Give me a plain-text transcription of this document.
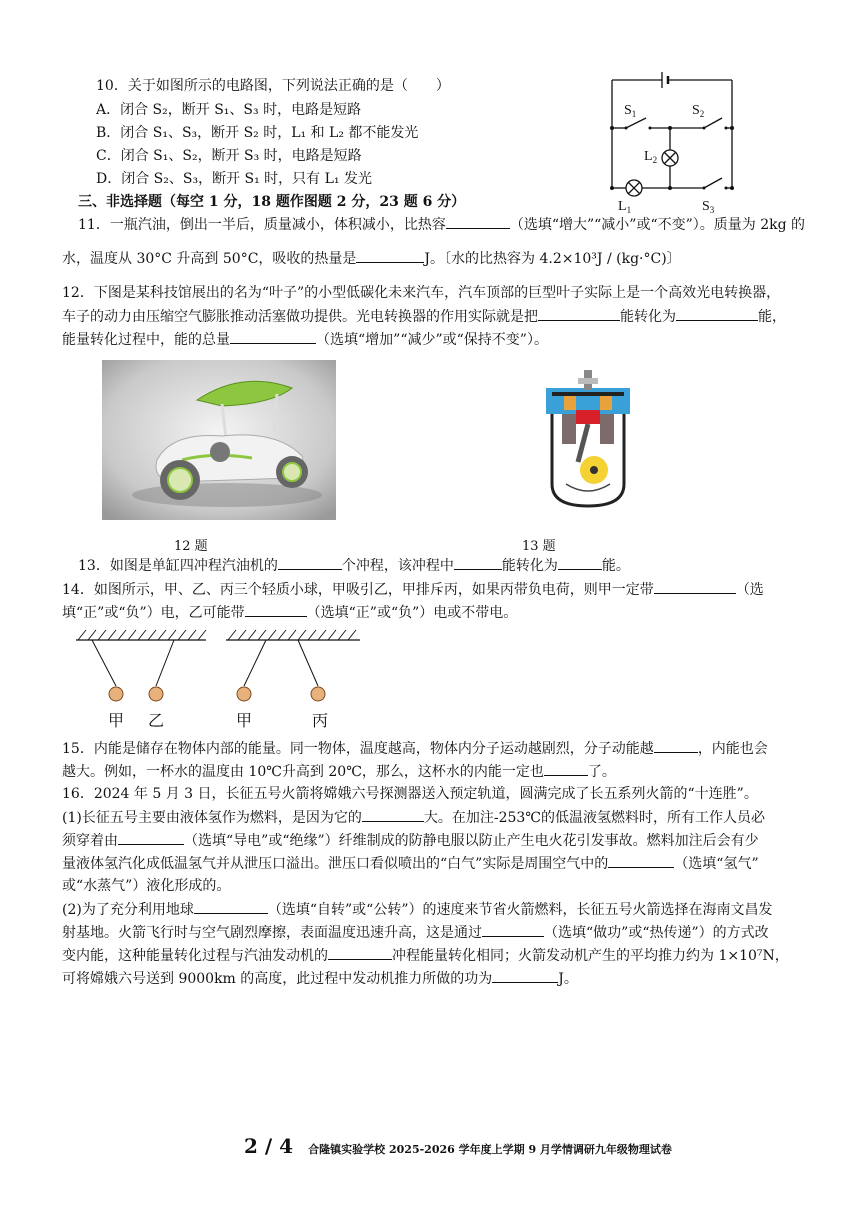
10．关于如图所示的电路图，下列说法正确的是（　　）
A．闭合 S₂，断开 S₁、S₃ 时，电路是短路
B．闭合 S₁、S₃，断开 S₂ 时，L₁ 和 L₂ 都不能发光
C．闭合 S₁、S₂，断开 S₃ 时，电路是短路
D．闭合 S₂、S₃，断开 S₁ 时，只有 L₁ 发光
$S_1$	$S_2$
$L_2$
$L_1$	$S_3$
三、非选择题（每空 1 分，18 题作图题 2 分，23 题 6 分）
11．一瓶汽油，倒出一半后，质量减小，体积减小，比热容	（选填“增大”“减小”或“不变”）。质量为 2kg 的
水，温度从 30°C 升高到 50°C，吸收的热量是	J。〔水的比热容为 4.2×10³J / (kg·°C)〕
12．下图是某科技馆展出的名为“叶子”的小型低碳化未来汽车，汽车顶部的巨型叶子实际上是一个高效光电转换器，
车子的动力由压缩空气膨胀推动活塞做功提供。光电转换器的作用实际就是把	能转化为	能，
能量转化过程中，能的总量	（选填“增加”“减少”或“保持不变”）。
12 题	13 题
13．如图是单缸四冲程汽油机的	个冲程，该冲程中	能转化为	能。
14．如图所示，甲、乙、丙三个轻质小球，甲吸引乙，甲排斥丙，如果丙带负电荷，则甲一定带	（选
填“正”或“负”）电，乙可能带	（选填“正”或“负”）电或不带电。
甲 乙	甲	丙
15．内能是储存在物体内部的能量。同一物体，温度越高，物体内分子运动越剧烈，分子动能越	，内能也会
越大。例如，一杯水的温度由 10℃升高到 20℃，那么，这杯水的内能一定也	了。
16．2024 年 5 月 3 日，长征五号火箭将嫦娥六号探测器送入预定轨道，圆满完成了长五系列火箭的“十连胜”。
(1)长征五号主要由液体氢作为燃料，是因为它的	大。在加注-253℃的低温液氢燃料时，所有工作人员必
须穿着由	（选填“导电”或“绝缘”）纤维制成的防静电服以防止产生电火花引发事故。燃料加注后会有少
量液体氢汽化成低温氢气并从泄压口溢出。泄压口看似喷出的“白气”实际是周围空气中的	（选填“氢气”
或“水蒸气”）液化形成的。
(2)为了充分利用地球	（选填“自转”或“公转”）的速度来节省火箭燃料，长征五号火箭选择在海南文昌发
射基地。火箭飞行时与空气剧烈摩擦，表面温度迅速升高，这是通过	（选填“做功”或“热传递”）的方式改
变内能，这种能量转化过程与汽油发动机的	冲程能量转化相同；火箭发动机产生的平均推力约为 1×10⁷N，
可将嫦娥六号送到 9000km 的高度，此过程中发动机推力所做的功为	J。
2 / 4 合隆镇实验学校 2025-2026 学年度上学期 9 月学情调研九年级物理试卷
